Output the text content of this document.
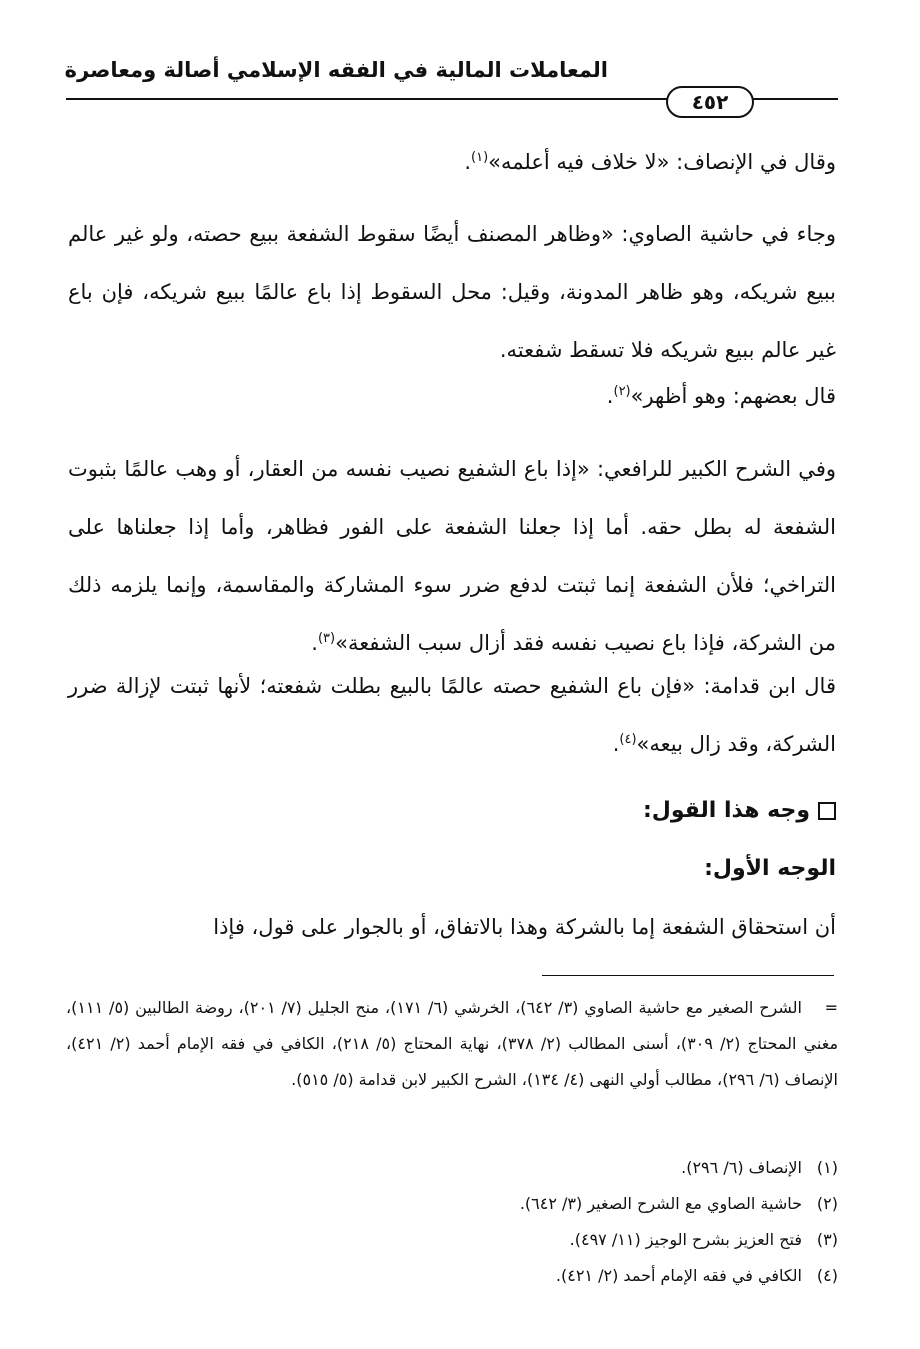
المعاملات المالية في الفقه الإسلامي أصالة ومعاصرة
٤٥٢
وقال في الإنصاف: «لا خلاف فيه أعلمه»$^{(١)}$.
وجاء في حاشية الصاوي: «وظاهر المصنف أيضًا سقوط الشفعة ببيع حصته، ولو غير عالم ببيع شريكه، وهو ظاهر المدونة، وقيل: محل السقوط إذا باع عالمًا ببيع شريكه، فإن باع غير عالم ببيع شريكه فلا تسقط شفعته.
قال بعضهم: وهو أظهر»$^{(٢)}$.
وفي الشرح الكبير للرافعي: «إذا باع الشفيع نصيب نفسه من العقار، أو وهب عالمًا بثبوت الشفعة له بطل حقه. أما إذا جعلنا الشفعة على الفور فظاهر، وأما إذا جعلناها على التراخي؛ فلأن الشفعة إنما ثبتت لدفع ضرر سوء المشاركة والمقاسمة، وإنما يلزمه ذلك من الشركة، فإذا باع نصيب نفسه فقد أزال سبب الشفعة»$^{(٣)}$.
قال ابن قدامة: «فإن باع الشفيع حصته عالمًا بالبيع بطلت شفعته؛ لأنها ثبتت لإزالة ضرر الشركة، وقد زال بيعه»$^{(٤)}$.
وجه هذا القول:
الوجه الأول:
أن استحقاق الشفعة إما بالشركة وهذا بالاتفاق، أو بالجوار على قول، فإذا
=الشرح الصغير مع حاشية الصاوي (٣/ ٦٤٢)، الخرشي (٦/ ١٧١)، منح الجليل (٧/ ٢٠١)، روضة الطالبين (٥/ ١١١)، مغني المحتاج (٢/ ٣٠٩)، أسنى المطالب (٢/ ٣٧٨)، نهاية المحتاج (٥/ ٢١٨)، الكافي في فقه الإمام أحمد (٢/ ٤٢١)، الإنصاف (٦/ ٢٩٦)، مطالب أولي النهى (٤/ ١٣٤)، الشرح الكبير لابن قدامة (٥/ ٥١٥).
(١)الإنصاف (٦/ ٢٩٦).
(٢)حاشية الصاوي مع الشرح الصغير (٣/ ٦٤٢).
(٣)فتح العزيز بشرح الوجيز (١١/ ٤٩٧).
(٤)الكافي في فقه الإمام أحمد (٢/ ٤٢١).
